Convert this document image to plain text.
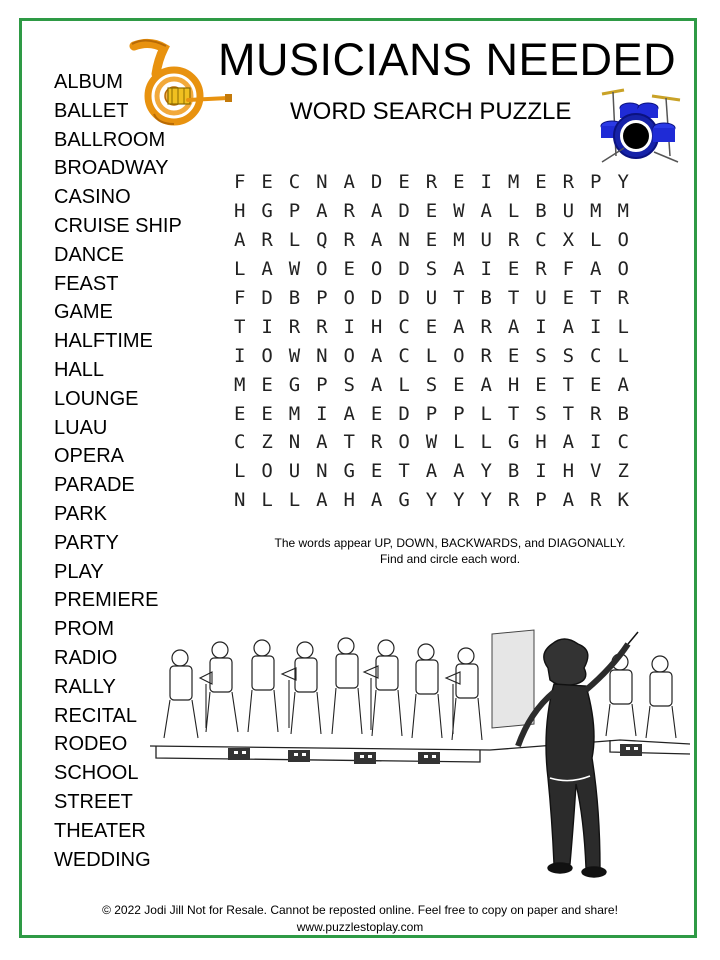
MUSICIANS NEEDED
WORD SEARCH PUZZLE
ALBUM
BALLET
BALLROOM
BROADWAY
CASINO
CRUISE SHIP
DANCE
FEAST
GAME
HALFTIME
HALL
LOUNGE
LUAU
OPERA
PARADE
PARK
PARTY
PLAY
PREMIERE
PROM
RADIO
RALLY
RECITAL
RODEO
SCHOOL
STREET
THEATER
WEDDING
F E C N A D E R E I M E R P Y
H G P A R A D E W A L B U M M
A R L Q R A N E M U R C X L O
L A W O E O D S A I E R F A O
F D B P O D D U T B T U E T R
T I R R I H C E A R A I A I L
I O W N O A C L O R E S S C L
M E G P S A L S E A H E T E A
E E M I A E D P P L T S T R B
C Z N A T R O W L L G H A I C
L O U N G E T A A Y B I H V Z
N L L A H A G Y Y Y R P A R K
The words appear UP, DOWN, BACKWARDS, and DIAGONALLY.
Find and circle each word.
© 2022 Jodi Jill Not for Resale. Cannot be reposted online. Feel free to copy on paper and share!
www.puzzlestoplay.com
